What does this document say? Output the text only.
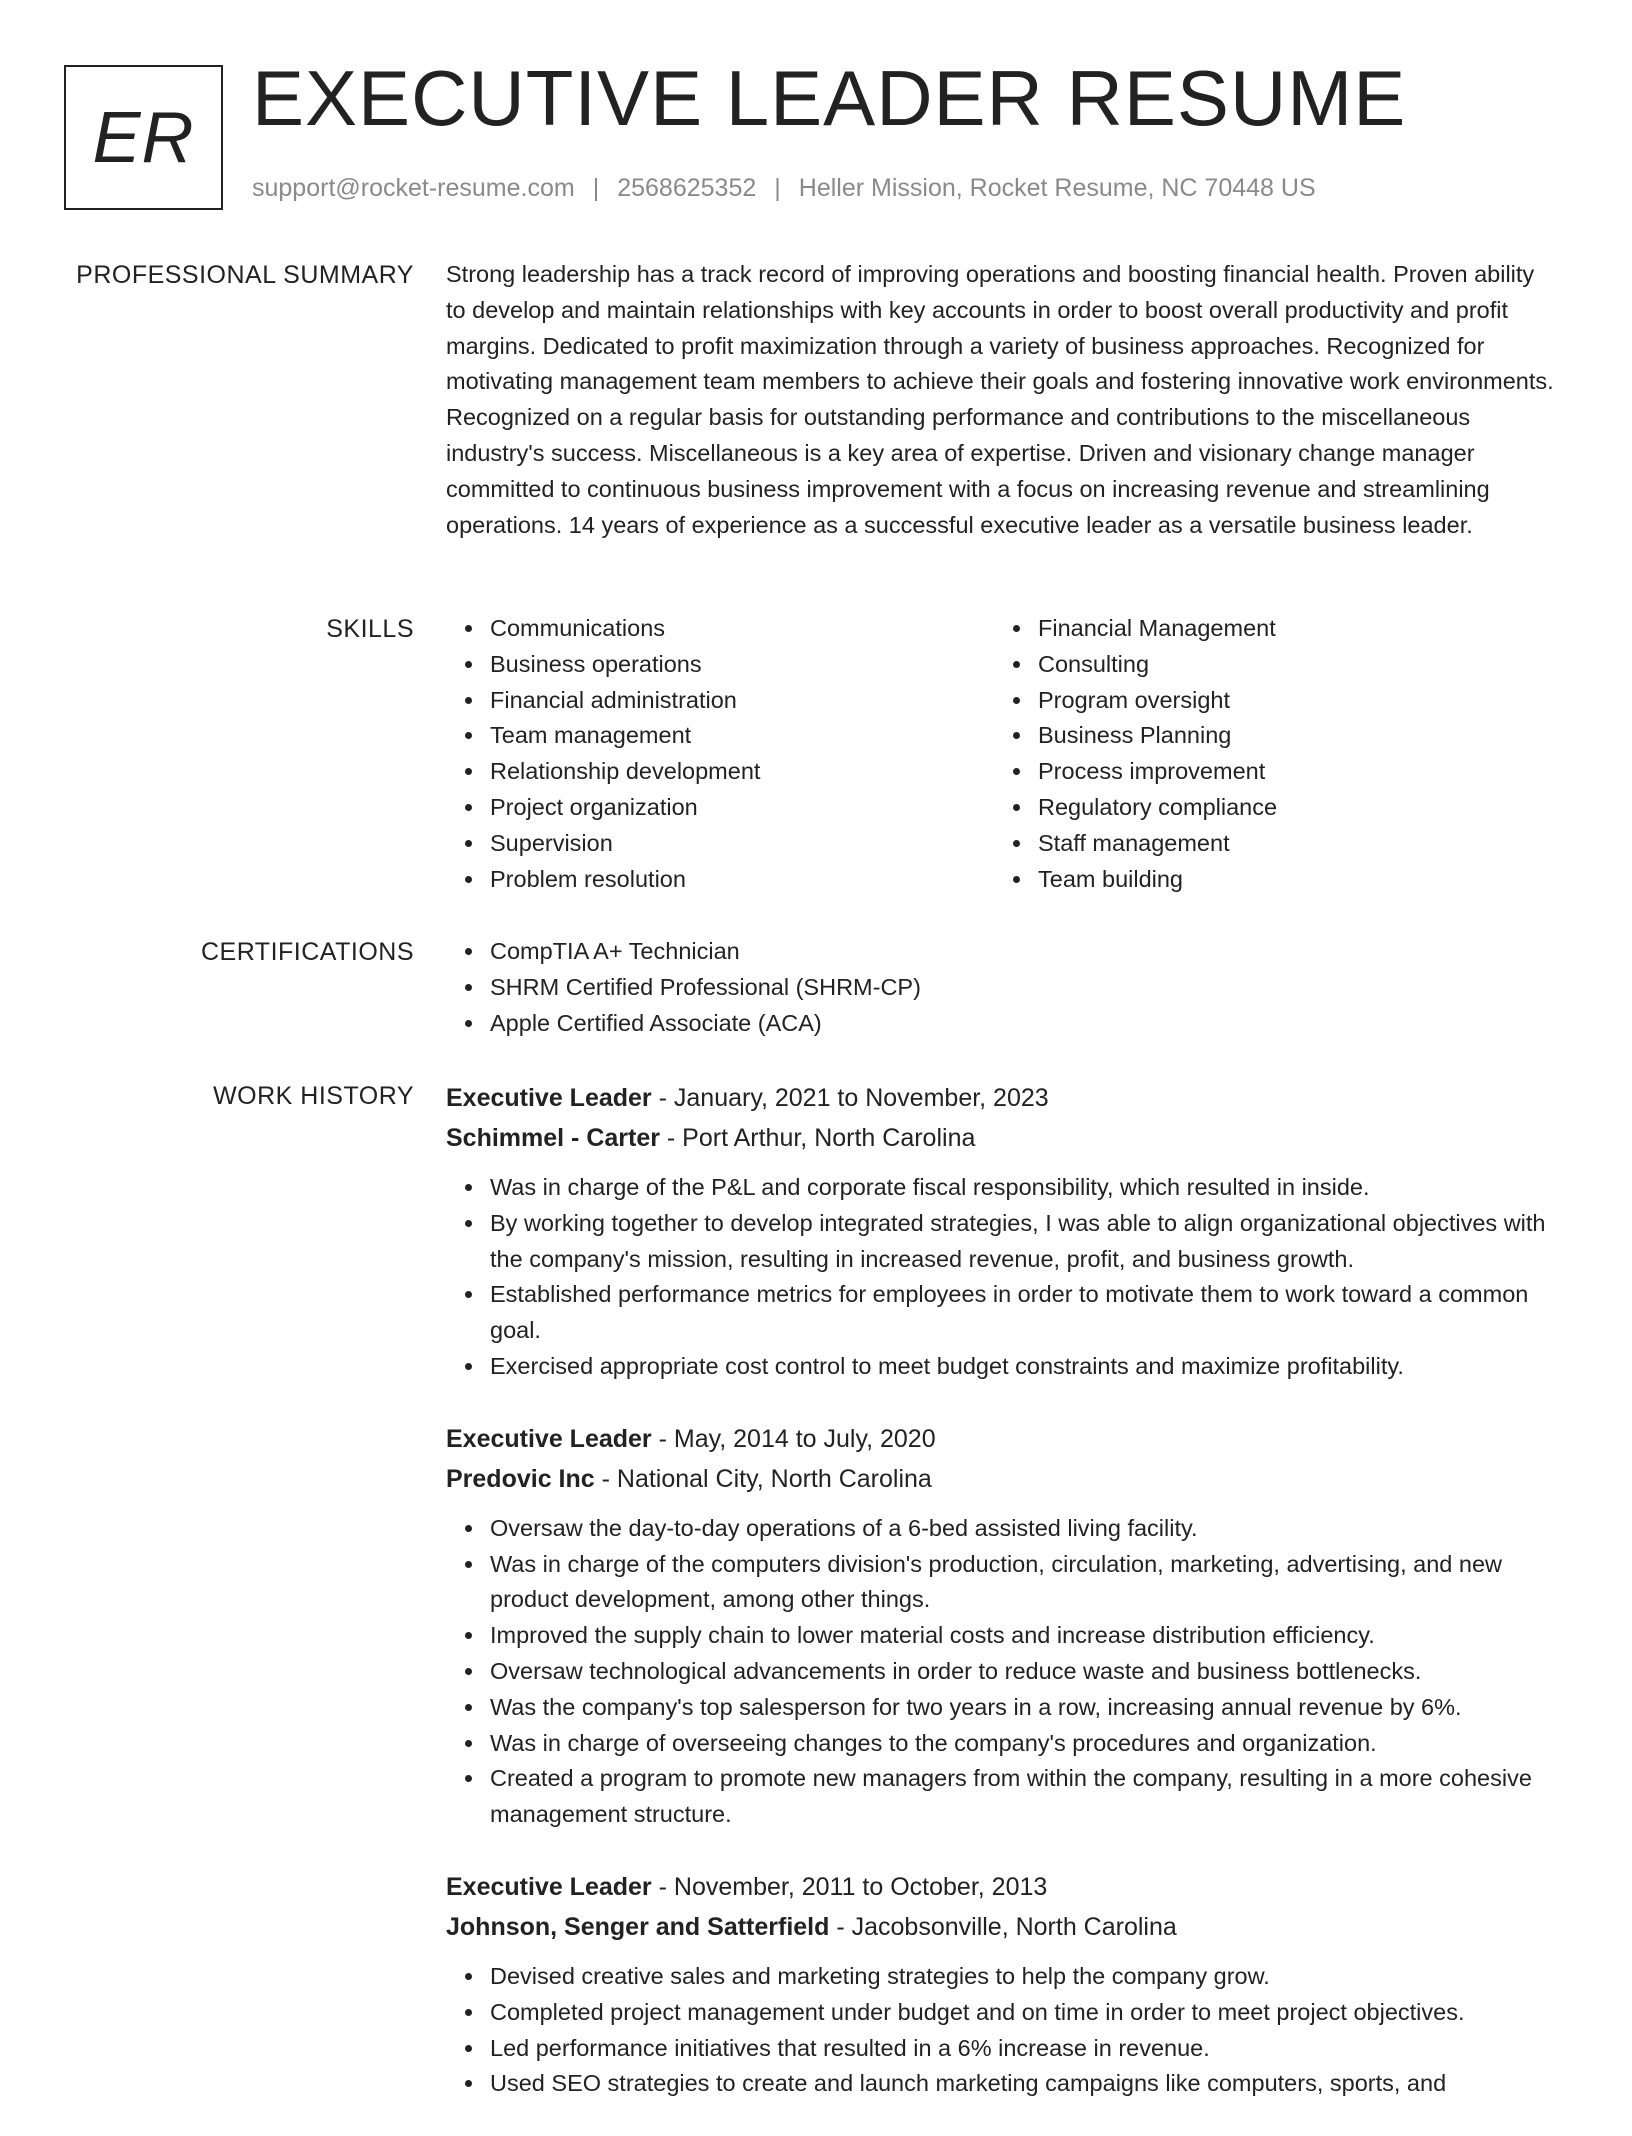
ER EXECUTIVE LEADER RESUME
support@rocket-resume.com | 2568625352 | Heller Mission, Rocket Resume, NC 70448 US
PROFESSIONAL SUMMARY Strong leadership has a track record of improving operations and boosting financial health. Proven ability to develop and maintain relationships with key accounts in order to boost overall productivity and profit margins. Dedicated to profit maximization through a variety of business approaches. Recognized for motivating management team members to achieve their goals and fostering innovative work environments. Recognized on a regular basis for outstanding performance and contributions to the miscellaneous industry's success. Miscellaneous is a key area of expertise. Driven and visionary change manager committed to continuous business improvement with a focus on increasing revenue and streamlining operations. 14 years of experience as a successful executive leader as a versatile business leader.

SKILLS	Communications
Business operations
Financial administration
Team management
Relationship development
Project organization
Supervision
Problem resolution
Financial Management
Consulting
Program oversight
Business Planning
Process improvement
Regulatory compliance
Staff management
Team building
CERTIFICATIONS	CompTIA A+ Technician
SHRM Certified Professional (SHRM-CP)
Apple Certified Associate (ACA)
WORK HISTORY Executive Leader - January, 2021 to November, 2023
Schimmel - Carter - Port Arthur, North Carolina
Was in charge of the P&L and corporate fiscal responsibility, which resulted in inside.
By working together to develop integrated strategies, I was able to align organizational objectives with the company's mission, resulting in increased revenue, profit, and business growth.
Established performance metrics for employees in order to motivate them to work toward a common goal.
Exercised appropriate cost control to meet budget constraints and maximize profitability.
Executive Leader - May, 2014 to July, 2020
Predovic Inc - National City, North Carolina
Oversaw the day-to-day operations of a 6-bed assisted living facility.
Was in charge of the computers division's production, circulation, marketing, advertising, and new product development, among other things.
Improved the supply chain to lower material costs and increase distribution efficiency.
Oversaw technological advancements in order to reduce waste and business bottlenecks.
Was the company's top salesperson for two years in a row, increasing annual revenue by 6%.
Was in charge of overseeing changes to the company's procedures and organization.
Created a program to promote new managers from within the company, resulting in a more cohesive management structure.
Executive Leader - November, 2011 to October, 2013
Johnson, Senger and Satterfield - Jacobsonville, North Carolina
Devised creative sales and marketing strategies to help the company grow.
Completed project management under budget and on time in order to meet project objectives.
Led performance initiatives that resulted in a 6% increase in revenue.
Used SEO strategies to create and launch marketing campaigns like computers, sports, and
